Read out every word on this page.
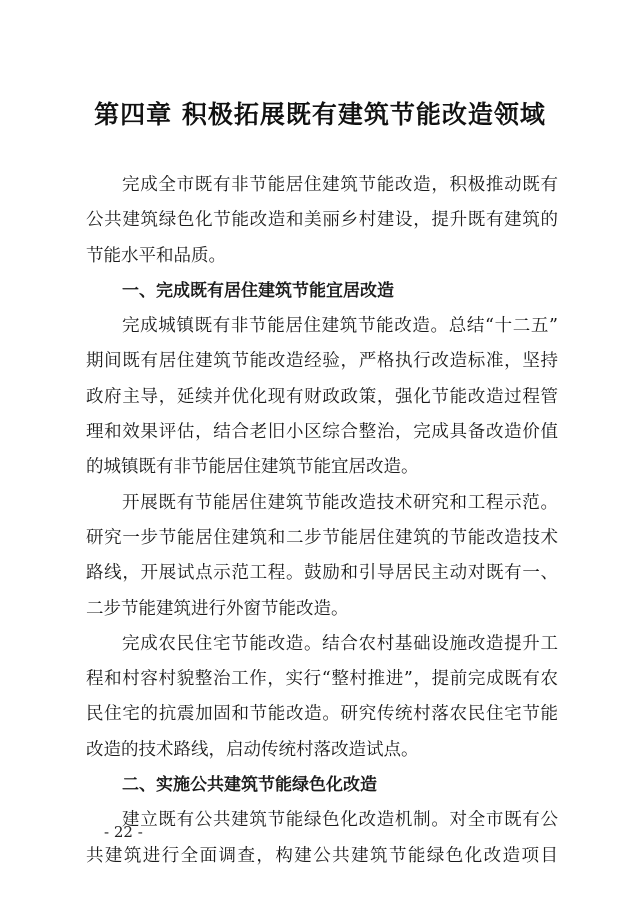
第四章 积极拓展既有建筑节能改造领域
完成全市既有非节能居住建筑节能改造，积极推动既有
公共建筑绿色化节能改造和美丽乡村建设，提升既有建筑的
节能水平和品质。
一、完成既有居住建筑节能宜居改造
完成城镇既有非节能居住建筑节能改造。总结“十二五”
期间既有居住建筑节能改造经验，严格执行改造标准，坚持
政府主导，延续并优化现有财政政策，强化节能改造过程管
理和效果评估，结合老旧小区综合整治，完成具备改造价值
的城镇既有非节能居住建筑节能宜居改造。
开展既有节能居住建筑节能改造技术研究和工程示范。
研究一步节能居住建筑和二步节能居住建筑的节能改造技术
路线，开展试点示范工程。鼓励和引导居民主动对既有一、
二步节能建筑进行外窗节能改造。
完成农民住宅节能改造。结合农村基础设施改造提升工
程和村容村貌整治工作，实行“整村推进”，提前完成既有农
民住宅的抗震加固和节能改造。研究传统村落农民住宅节能
改造的技术路线，启动传统村落改造试点。
二、实施公共建筑节能绿色化改造
建立既有公共建筑节能绿色化改造机制。对全市既有公
共建筑进行全面调查，构建公共建筑节能绿色化改造项目
- 22 -
